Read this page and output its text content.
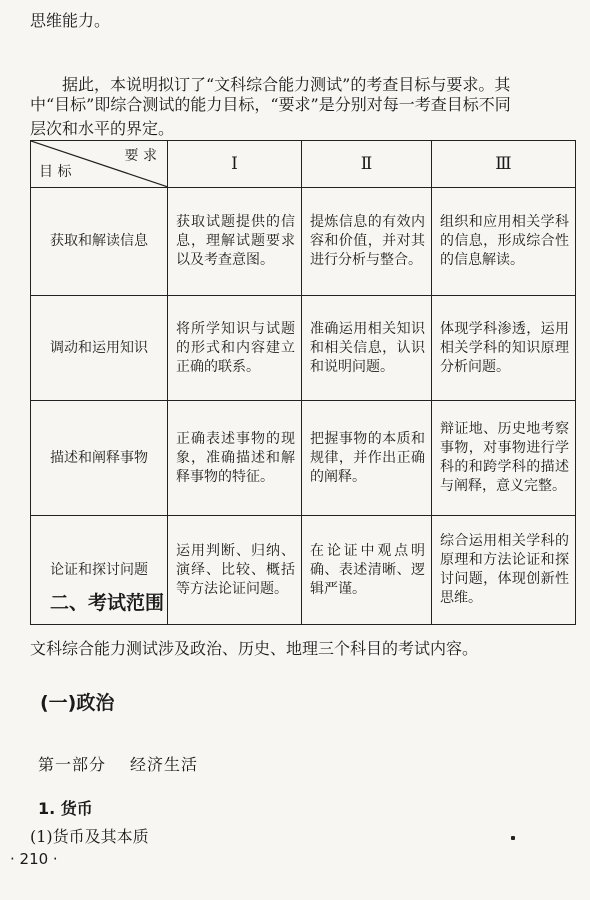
思维能力。
据此，本说明拟订了“文科综合能力测试”的考查目标与要求。其
中“目标”即综合测试的能力目标，“要求”是分别对每一考查目标不同
层次和水平的界定。
要 求
目 标	Ⅰ	Ⅱ	Ⅲ
获取和解读信息	获取试题提供的信息，理解试题要求以及考查意图。	提炼信息的有效内容和价值，并对其进行分析与整合。	组织和应用相关学科的信息，形成综合性的信息解读。
调动和运用知识	将所学知识与试题的形式和内容建立正确的联系。	准确运用相关知识和相关信息，认识和说明问题。	体现学科渗透，运用相关学科的知识原理分析问题。
描述和阐释事物	正确表述事物的现象，准确描述和解释事物的特征。	把握事物的本质和规律，并作出正确的阐释。	辩证地、历史地考察事物，对事物进行学科的和跨学科的描述与阐释，意义完整。
论证和探讨问题	运用判断、归纳、演绎、比较、概括等方法论证问题。	在论证中观点明确、表述清晰、逻辑严谨。	综合运用相关学科的原理和方法论证和探讨问题，体现创新性思维。
二、考试范围
文科综合能力测试涉及政治、历史、地理三个科目的考试内容。
(一)政治
第一部分 经济生活
1. 货币
(1)货币及其本质
· 210 ·
